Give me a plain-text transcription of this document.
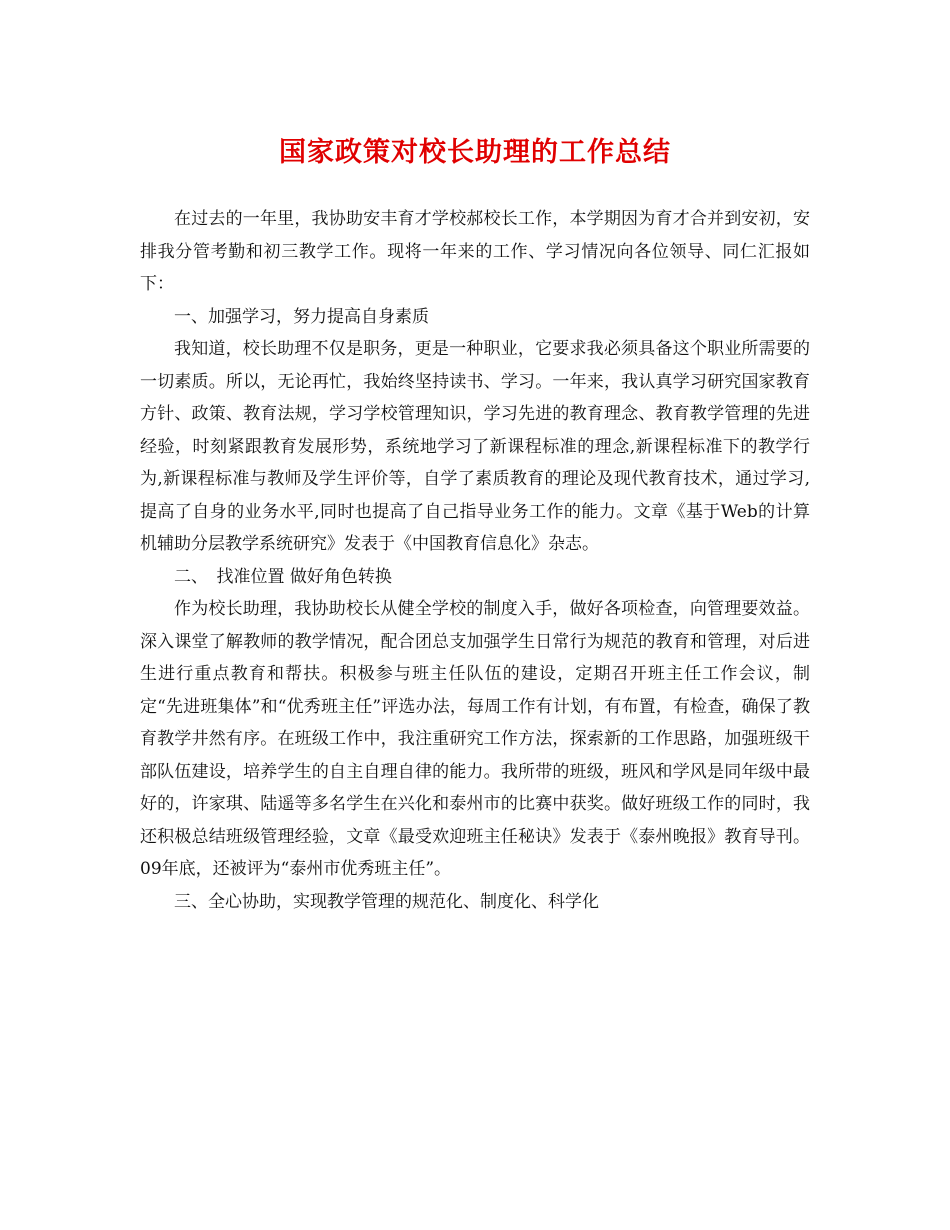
国家政策对校长助理的工作总结

在过去的一年里，我协助安丰育才学校郝校长工作，本学期因为育才合并到安初，安排我分管考勤和初三教学工作。现将一年来的工作、学习情况向各位领导、同仁汇报如下：

一、加强学习，努力提高自身素质

我知道，校长助理不仅是职务，更是一种职业，它要求我必须具备这个职业所需要的一切素质。所以，无论再忙，我始终坚持读书、学习。一年来，我认真学习研究国家教育方针、政策、教育法规，学习学校管理知识，学习先进的教育理念、教育教学管理的先进经验，时刻紧跟教育发展形势，系统地学习了新课程标准的理念,新课程标准下的教学行为,新课程标准与教师及学生评价等，自学了素质教育的理论及现代教育技术，通过学习,提高了自身的业务水平,同时也提高了自己指导业务工作的能力。文章《基于Web的计算机辅助分层教学系统研究》发表于《中国教育信息化》杂志。

二、　找准位置 做好角色转换

作为校长助理，我协助校长从健全学校的制度入手，做好各项检查，向管理要效益。深入课堂了解教师的教学情况，配合团总支加强学生日常行为规范的教育和管理，对后进生进行重点教育和帮扶。积极参与班主任队伍的建设，定期召开班主任工作会议，制定“先进班集体”和“优秀班主任”评选办法，每周工作有计划，有布置，有检查，确保了教育教学井然有序。在班级工作中，我注重研究工作方法，探索新的工作思路，加强班级干部队伍建设，培养学生的自主自理自律的能力。我所带的班级，班风和学风是同年级中最好的，许家琪、陆遥等多名学生在兴化和泰州市的比赛中获奖。做好班级工作的同时，我还积极总结班级管理经验，文章《最受欢迎班主任秘诀》发表于《泰州晚报》教育导刊。09年底，还被评为“泰州市优秀班主任”。

三、全心协助，实现教学管理的规范化、制度化、科学化
